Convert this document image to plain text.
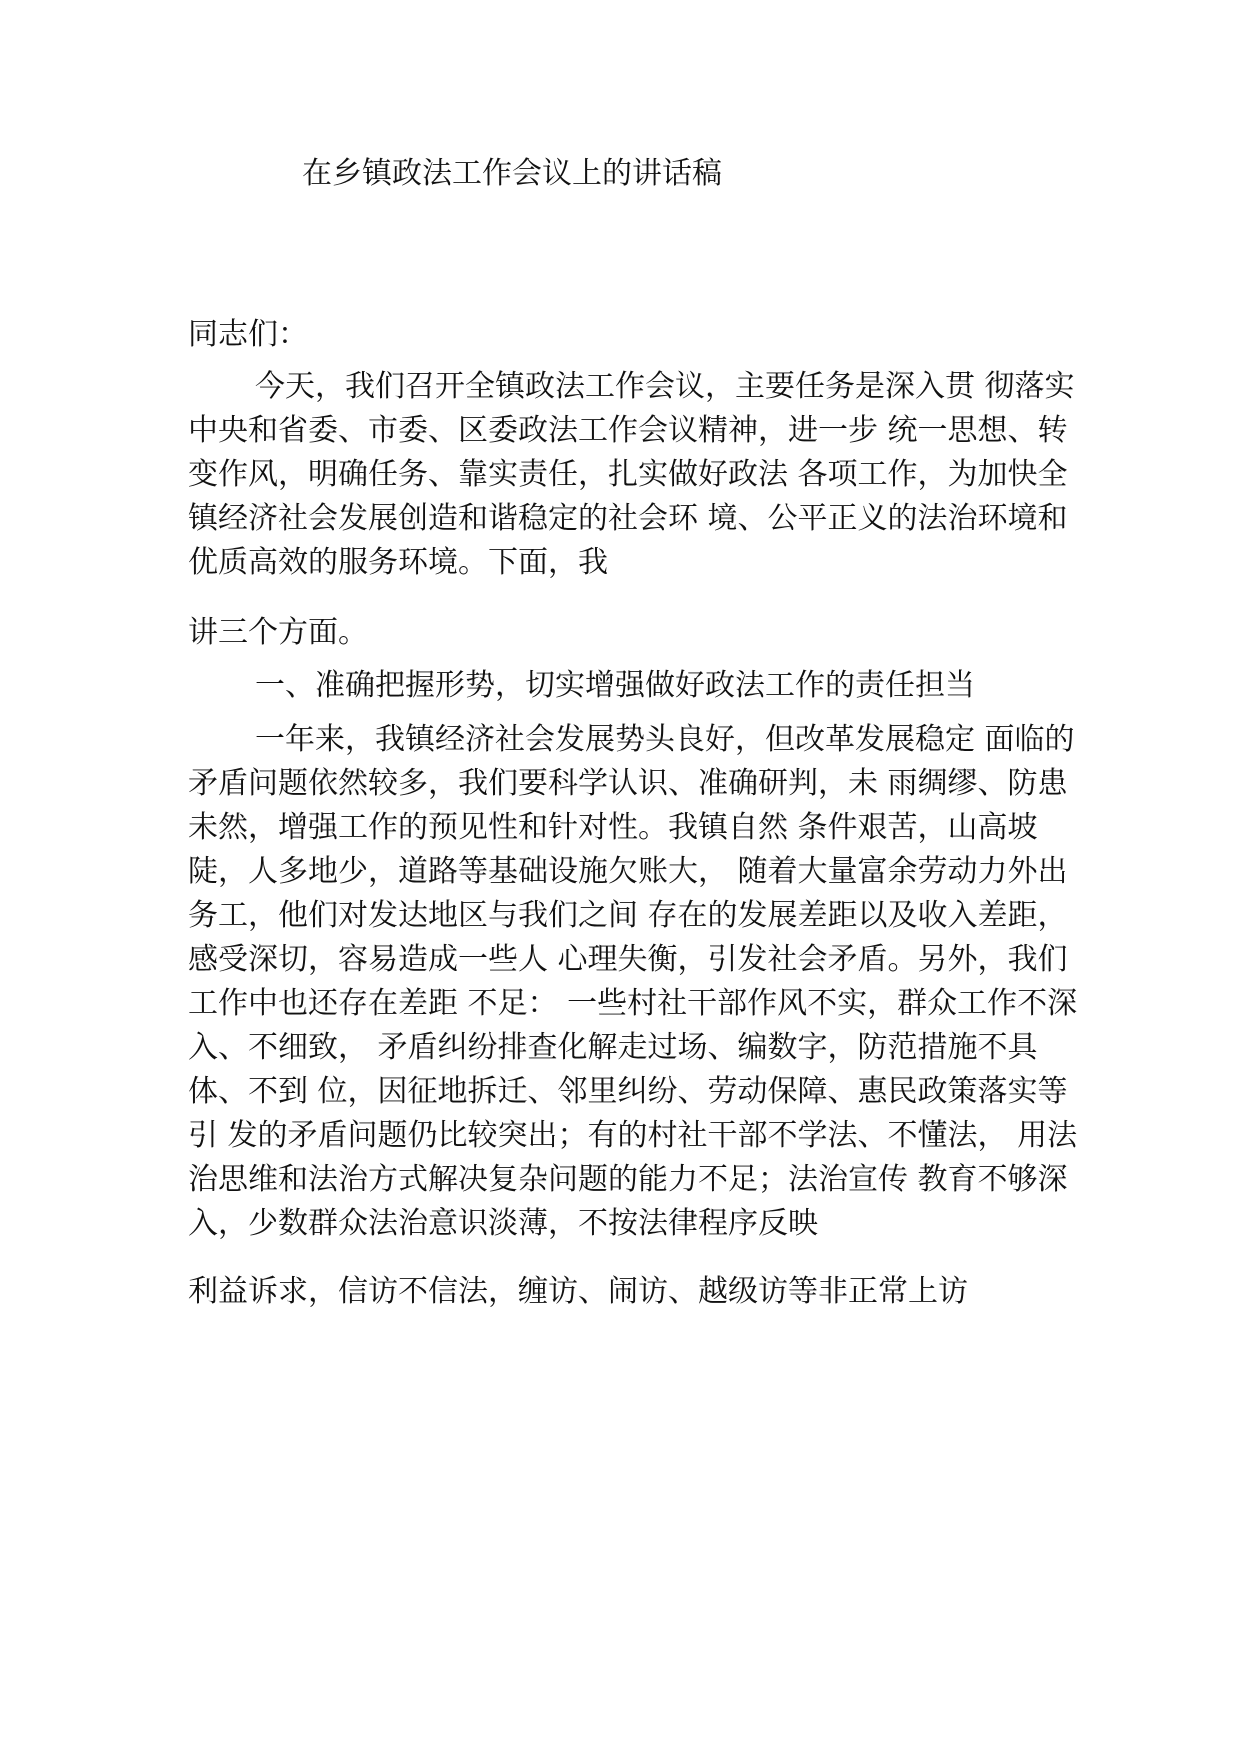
在乡镇政法工作会议上的讲话稿
同志们：
今天，我们召开全镇政法工作会议，主要任务是深入贯 彻落实
中央和省委、市委、区委政法工作会议精神，进一步 统一思想、转
变作风，明确任务、靠实责任，扎实做好政法 各项工作，为加快全
镇经济社会发展创造和谐稳定的社会环 境、公平正义的法治环境和
优质高效的服务环境。下面，我
讲三个方面。
一、准确把握形势，切实增强做好政法工作的责任担当
一年来，我镇经济社会发展势头良好，但改革发展稳定 面临的
矛盾问题依然较多，我们要科学认识、准确研判，未 雨绸缪、防患
未然，增强工作的预见性和针对性。我镇自然 条件艰苦，山高坡
陡，人多地少，道路等基础设施欠账大， 随着大量富余劳动力外出
务工，他们对发达地区与我们之间 存在的发展差距以及收入差距，
感受深切，容易造成一些人 心理失衡，引发社会矛盾。另外，我们
工作中也还存在差距 不足： 一些村社干部作风不实，群众工作不深
入、不细致， 矛盾纠纷排查化解走过场、编数字，防范措施不具
体、不到 位，因征地拆迁、邻里纠纷、劳动保障、惠民政策落实等
引 发的矛盾问题仍比较突出；有的村社干部不学法、不懂法， 用法
治思维和法治方式解决复杂问题的能力不足；法治宣传 教育不够深
入，少数群众法治意识淡薄，不按法律程序反映
利益诉求，信访不信法，缠访、闹访、越级访等非正常上访
